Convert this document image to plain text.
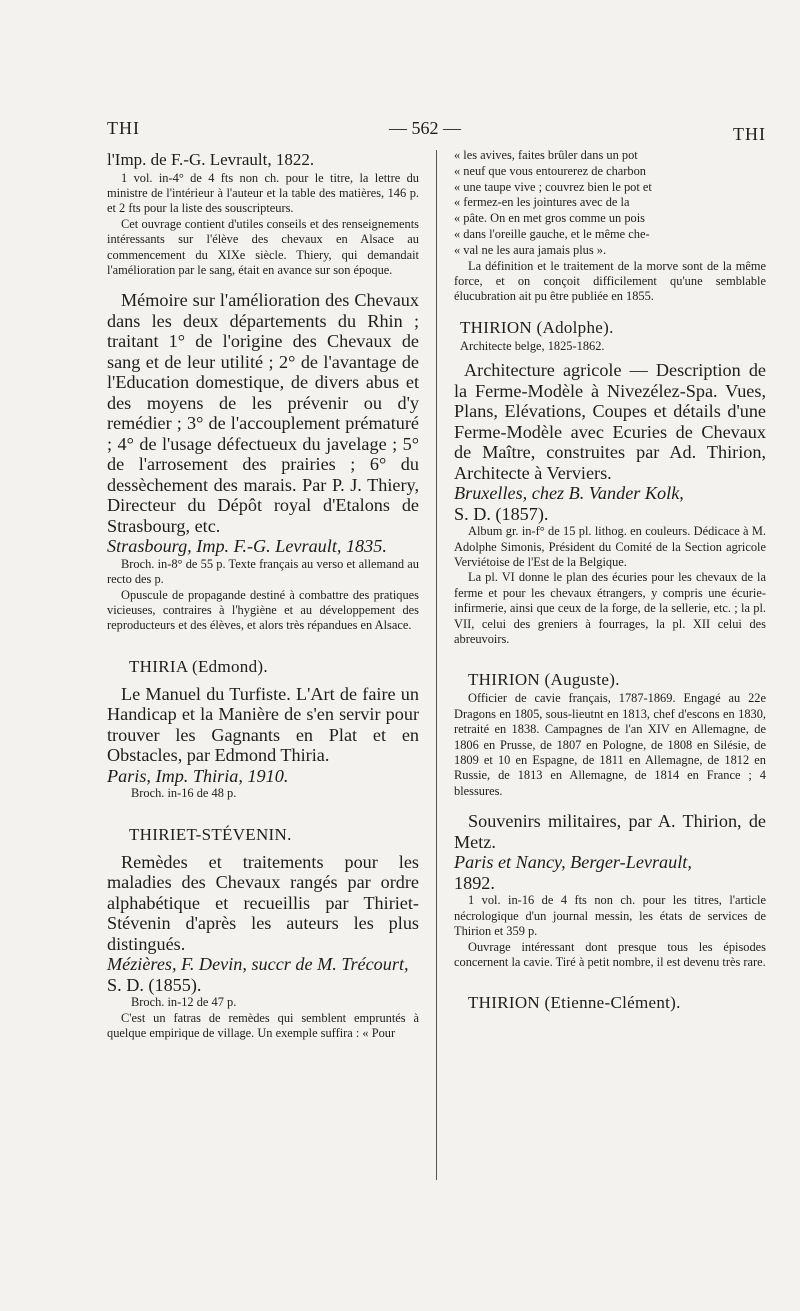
THI	— 562 —	THI

l'Imp. de F.-G. Levrault, 1822.

1 vol. in-4° de 4 fts non ch. pour le titre, la lettre du ministre de l'intérieur à l'auteur et la table des matières, 146 p. et 2 fts pour la liste des souscripteurs.

Cet ouvrage contient d'utiles conseils et des renseignements intéressants sur l'élève des chevaux en Alsace au commencement du XIXe siècle. Thiery, qui demandait l'amélioration par le sang, était en avance sur son époque.

Mémoire sur l'amélioration des Chevaux dans les deux départements du Rhin ; traitant 1° de l'origine des Chevaux de sang et de leur utilité ; 2° de l'avantage de l'Education domestique, de divers abus et des moyens de les prévenir ou d'y remédier ; 3° de l'accouplement prématuré ; 4° de l'usage défectueux du javelage ; 5° de l'arrosement des prairies ; 6° du dessèchement des marais. Par P. J. Thiery, Directeur du Dépôt royal d'Etalons de Strasbourg, etc.

Strasbourg, Imp. F.-G. Levrault, 1835.

Broch. in-8° de 55 p. Texte français au verso et allemand au recto des p.

Opuscule de propagande destiné à combattre des pratiques vicieuses, contraires à l'hygiène et au développement des reproducteurs et des élèves, et alors très répandues en Alsace.

THIRIA (Edmond).

Le Manuel du Turfiste. L'Art de faire un Handicap et la Manière de s'en servir pour trouver les Gagnants en Plat et en Obstacles, par Edmond Thiria.

Paris, Imp. Thiria, 1910.

Broch. in-16 de 48 p.

THIRIET-STÉVENIN.

Remèdes et traitements pour les maladies des Chevaux rangés par ordre alphabétique et recueillis par Thiriet-Stévenin d'après les auteurs les plus distingués.

Mézières, F. Devin, succr de M. Trécourt,

S. D. (1855).

Broch. in-12 de 47 p.

C'est un fatras de remèdes qui semblent empruntés à quelque empirique de village. Un exemple suffira : « Pour

« les avives, faites brûler dans un pot

« neuf que vous entourerez de charbon

« une taupe vive ; couvrez bien le pot et

« fermez-en les jointures avec de la

« pâte. On en met gros comme un pois

« dans l'oreille gauche, et le même che-

« val ne les aura jamais plus ».

La définition et le traitement de la morve sont de la même force, et on conçoit difficilement qu'une semblable élucubration ait pu être publiée en 1855.

THIRION (Adolphe).

Architecte belge, 1825-1862.

Architecture agricole — Description de la Ferme-Modèle à Nivezélez-Spa. Vues, Plans, Elévations, Coupes et détails d'une Ferme-Modèle avec Ecuries de Chevaux de Maître, construites par Ad. Thirion, Architecte à Verviers.

Bruxelles, chez B. Vander Kolk,

S. D. (1857).

Album gr. in-f° de 15 pl. lithog. en couleurs. Dédicace à M. Adolphe Simonis, Président du Comité de la Section agricole Verviétoise de l'Est de la Belgique.

La pl. VI donne le plan des écuries pour les chevaux de la ferme et pour les chevaux étrangers, y compris une écurie-infirmerie, ainsi que ceux de la forge, de la sellerie, etc. ; la pl. VII, celui des greniers à fourrages, la pl. XII celui des abreuvoirs.

THIRION (Auguste).

Officier de cavie français, 1787-1869. Engagé au 22e Dragons en 1805, sous-lieutnt en 1813, chef d'escons en 1830, retraité en 1838. Campagnes de l'an XIV en Allemagne, de 1806 en Prusse, de 1807 en Pologne, de 1808 en Silésie, de 1809 et 10 en Espagne, de 1811 en Allemagne, de 1812 en Russie, de 1813 en Allemagne, de 1814 en France ; 4 blessures.

Souvenirs militaires, par A. Thirion, de Metz.

Paris et Nancy, Berger-Levrault,

1892.

1 vol. in-16 de 4 fts non ch. pour les titres, l'article nécrologique d'un journal messin, les états de services de Thirion et 359 p.

Ouvrage intéressant dont presque tous les épisodes concernent la cavie. Tiré à petit nombre, il est devenu très rare.

THIRION (Etienne-Clément).
